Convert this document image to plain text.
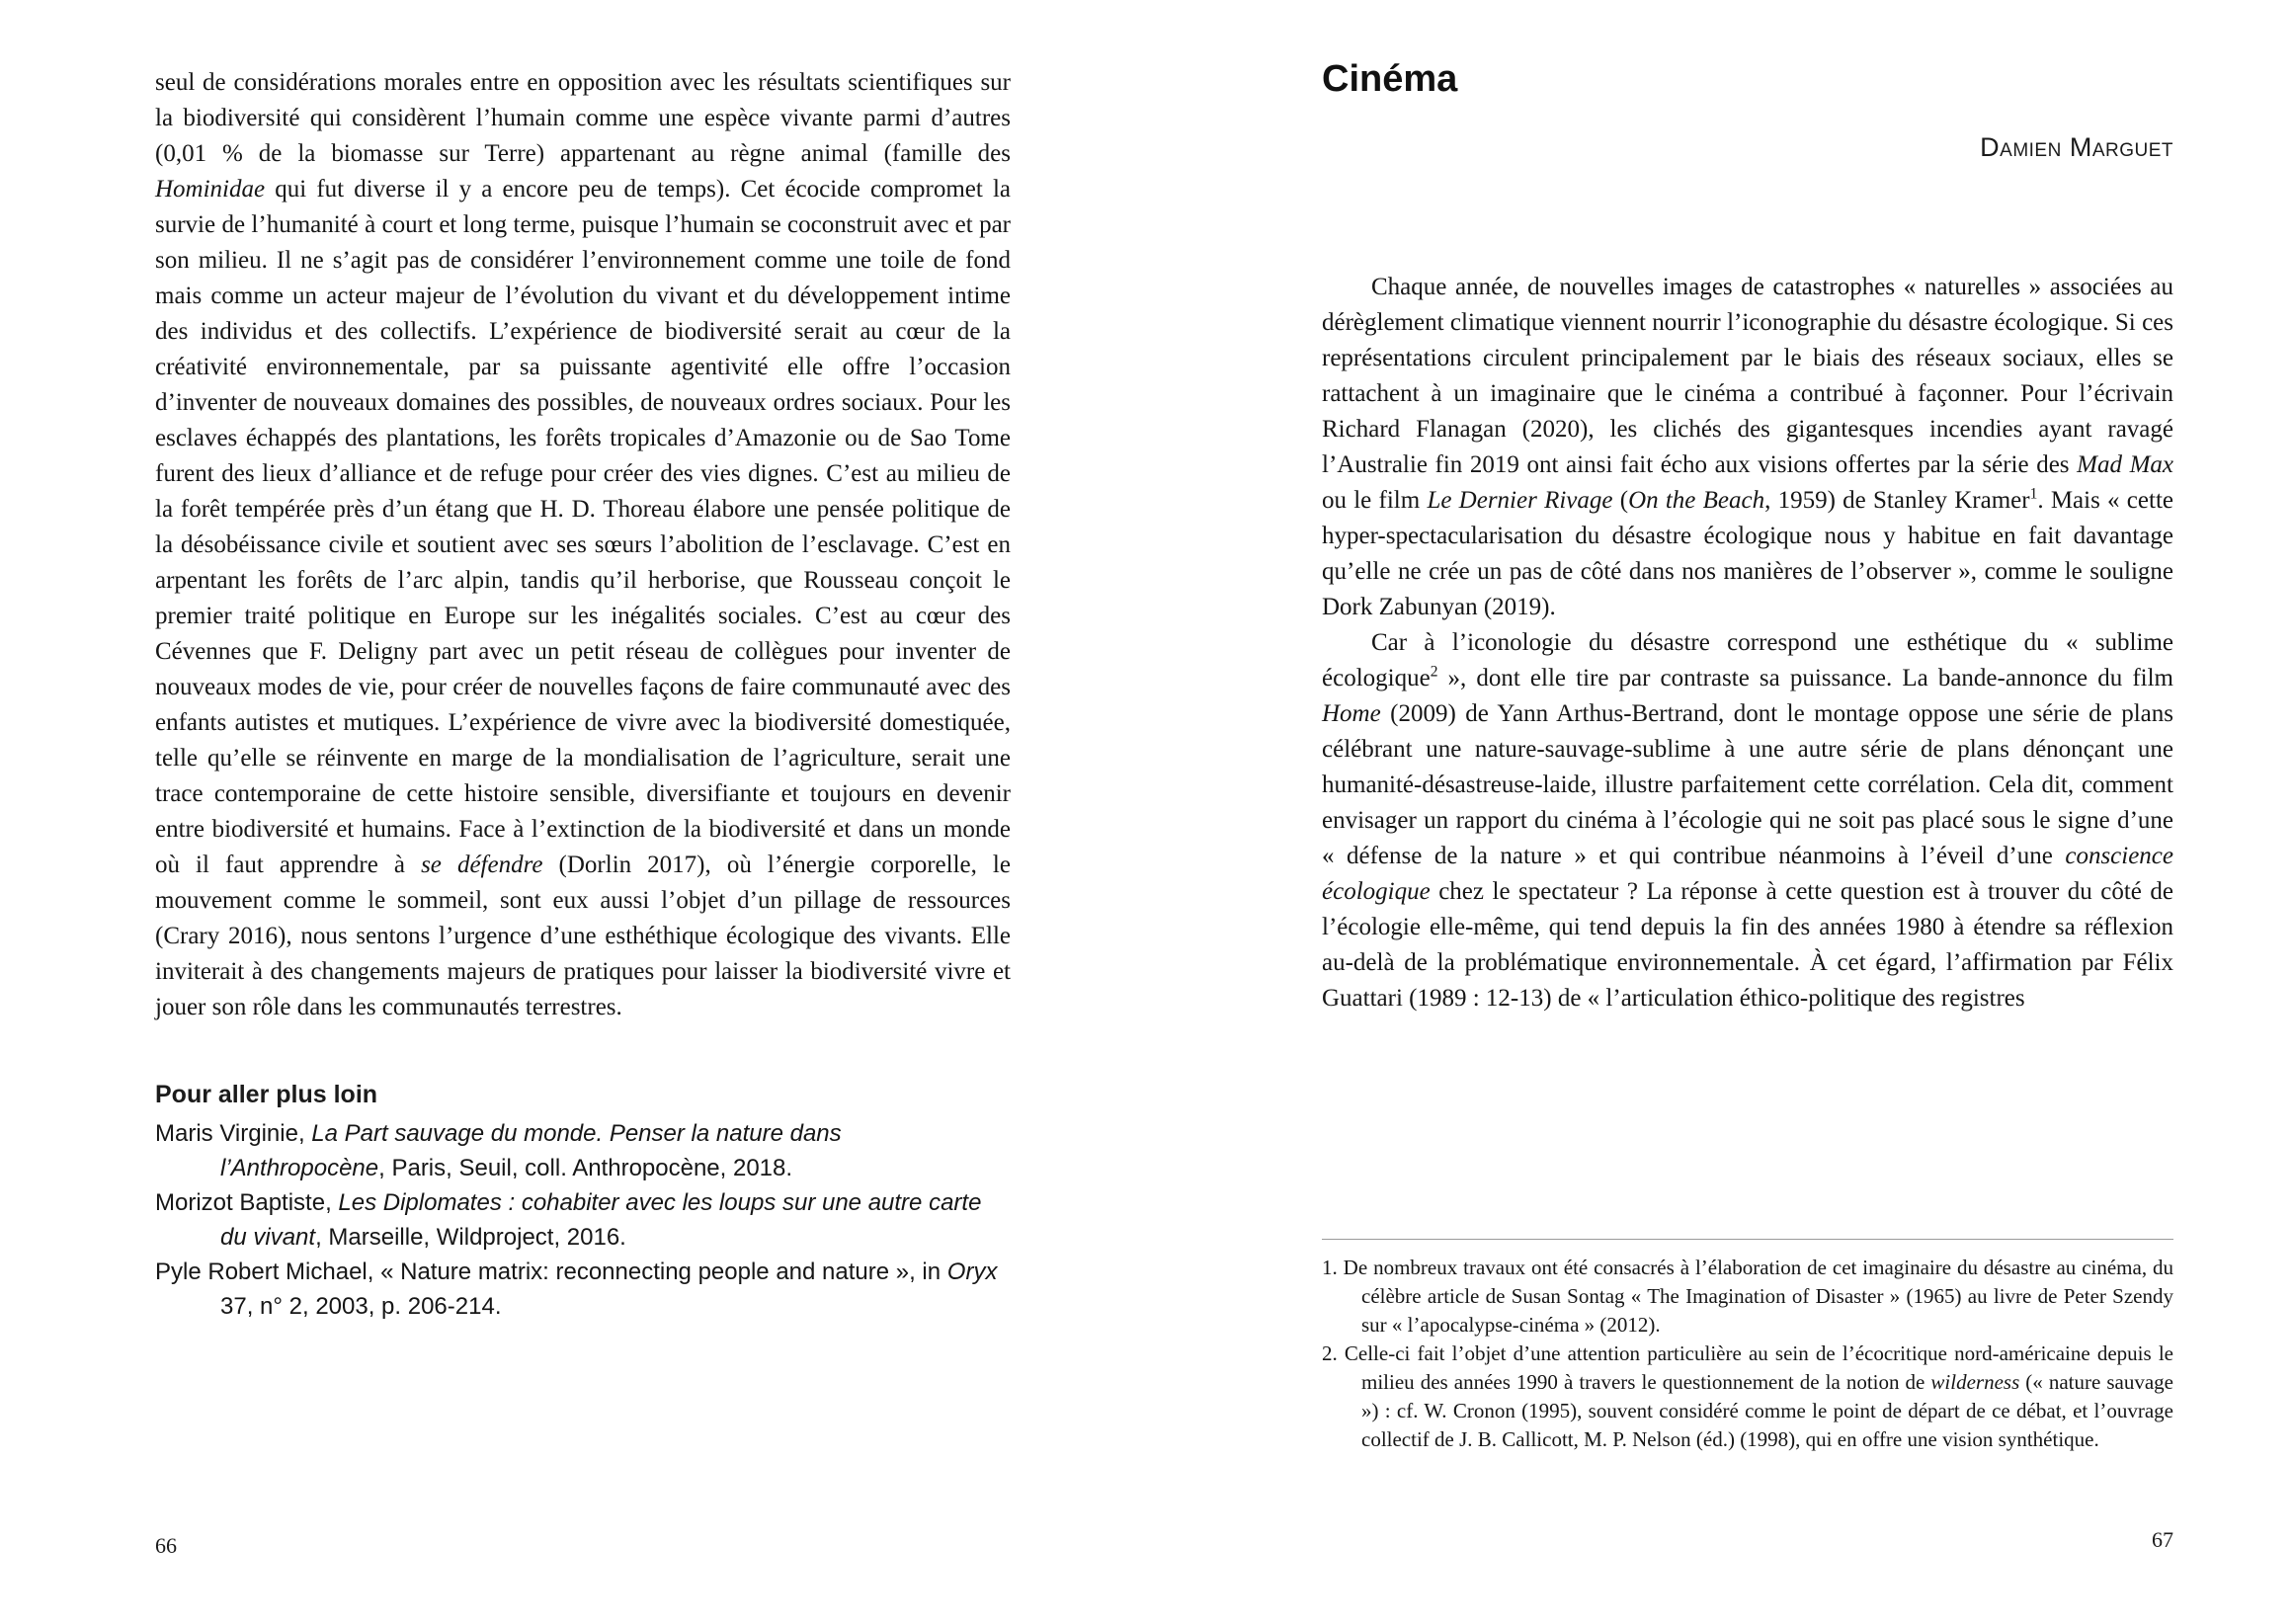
seul de considérations morales entre en opposition avec les résultats scientifiques sur la biodiversité qui considèrent l’humain comme une espèce vivante parmi d’autres (0,01 % de la biomasse sur Terre) appartenant au règne animal (famille des Hominidae qui fut diverse il y a encore peu de temps). Cet écocide compromet la survie de l’humanité à court et long terme, puisque l’humain se coconstruit avec et par son milieu. Il ne s’agit pas de considérer l’environnement comme une toile de fond mais comme un acteur majeur de l’évolution du vivant et du développement intime des individus et des collectifs. L’expérience de biodiversité serait au cœur de la créativité environnementale, par sa puissante agentivité elle offre l’occasion d’inventer de nouveaux domaines des possibles, de nouveaux ordres sociaux. Pour les esclaves échappés des plantations, les forêts tropicales d’Amazonie ou de Sao Tome furent des lieux d’alliance et de refuge pour créer des vies dignes. C’est au milieu de la forêt tempérée près d’un étang que H. D. Thoreau élabore une pensée politique de la désobéissance civile et soutient avec ses sœurs l’abolition de l’esclavage. C’est en arpentant les forêts de l’arc alpin, tandis qu’il herborise, que Rousseau conçoit le premier traité politique en Europe sur les inégalités sociales. C’est au cœur des Cévennes que F. Deligny part avec un petit réseau de collègues pour inventer de nouveaux modes de vie, pour créer de nouvelles façons de faire communauté avec des enfants autistes et mutiques. L’expérience de vivre avec la biodiversité domestiquée, telle qu’elle se réinvente en marge de la mondialisation de l’agriculture, serait une trace contemporaine de cette histoire sensible, diversifiante et toujours en devenir entre biodiversité et humains. Face à l’extinction de la biodiversité et dans un monde où il faut apprendre à se défendre (Dorlin 2017), où l’énergie corporelle, le mouvement comme le sommeil, sont eux aussi l’objet d’un pillage de ressources (Crary 2016), nous sentons l’urgence d’une esthéthique écologique des vivants. Elle inviterait à des changements majeurs de pratiques pour laisser la biodiversité vivre et jouer son rôle dans les communautés terrestres.

Pour aller plus loin

Maris Virginie, La Part sauvage du monde. Penser la nature dans l’Anthropocène, Paris, Seuil, coll. Anthropocène, 2018.

Morizot Baptiste, Les Diplomates : cohabiter avec les loups sur une autre carte du vivant, Marseille, Wildproject, 2016.

Pyle Robert Michael, « Nature matrix: reconnecting people and nature », in Oryx 37, n° 2, 2003, p. 206-214.

Cinéma
Damien Marguet

Chaque année, de nouvelles images de catastrophes « naturelles » associées au dérèglement climatique viennent nourrir l’iconographie du désastre écologique. Si ces représentations circulent principalement par le biais des réseaux sociaux, elles se rattachent à un imaginaire que le cinéma a contribué à façonner. Pour l’écrivain Richard Flanagan (2020), les clichés des gigantesques incendies ayant ravagé l’Australie fin 2019 ont ainsi fait écho aux visions offertes par la série des Mad Max ou le film Le Dernier Rivage (On the Beach, 1959) de Stanley Kramer$^1$. Mais « cette hyper-spectacularisation du désastre écologique nous y habitue en fait davantage qu’elle ne crée un pas de côté dans nos manières de l’observer », comme le souligne Dork Zabunyan (2019).

Car à l’iconologie du désastre correspond une esthétique du « sublime écologique$^2$ », dont elle tire par contraste sa puissance. La bande-annonce du film Home (2009) de Yann Arthus-Bertrand, dont le montage oppose une série de plans célébrant une nature-sauvage-sublime à une autre série de plans dénonçant une humanité-désastreuse-laide, illustre parfaitement cette corrélation. Cela dit, comment envisager un rapport du cinéma à l’écologie qui ne soit pas placé sous le signe d’une « défense de la nature » et qui contribue néanmoins à l’éveil d’une conscience écologique chez le spectateur ? La réponse à cette question est à trouver du côté de l’écologie elle-même, qui tend depuis la fin des années 1980 à étendre sa réflexion au-delà de la problématique environnementale. À cet égard, l’affirmation par Félix Guattari (1989 : 12-13) de « l’articulation éthico-politique des registres

1. De nombreux travaux ont été consacrés à l’élaboration de cet imaginaire du désastre au cinéma, du célèbre article de Susan Sontag « The Imagination of Disaster » (1965) au livre de Peter Szendy sur « l’apocalypse-cinéma » (2012).

2. Celle-ci fait l’objet d’une attention particulière au sein de l’écocritique nord-américaine depuis le milieu des années 1990 à travers le questionnement de la notion de wilderness (« nature sauvage ») : cf. W. Cronon (1995), souvent considéré comme le point de départ de ce débat, et l’ouvrage collectif de J. B. Callicott, M. P. Nelson (éd.) (1998), qui en offre une vision synthétique.

66	67
